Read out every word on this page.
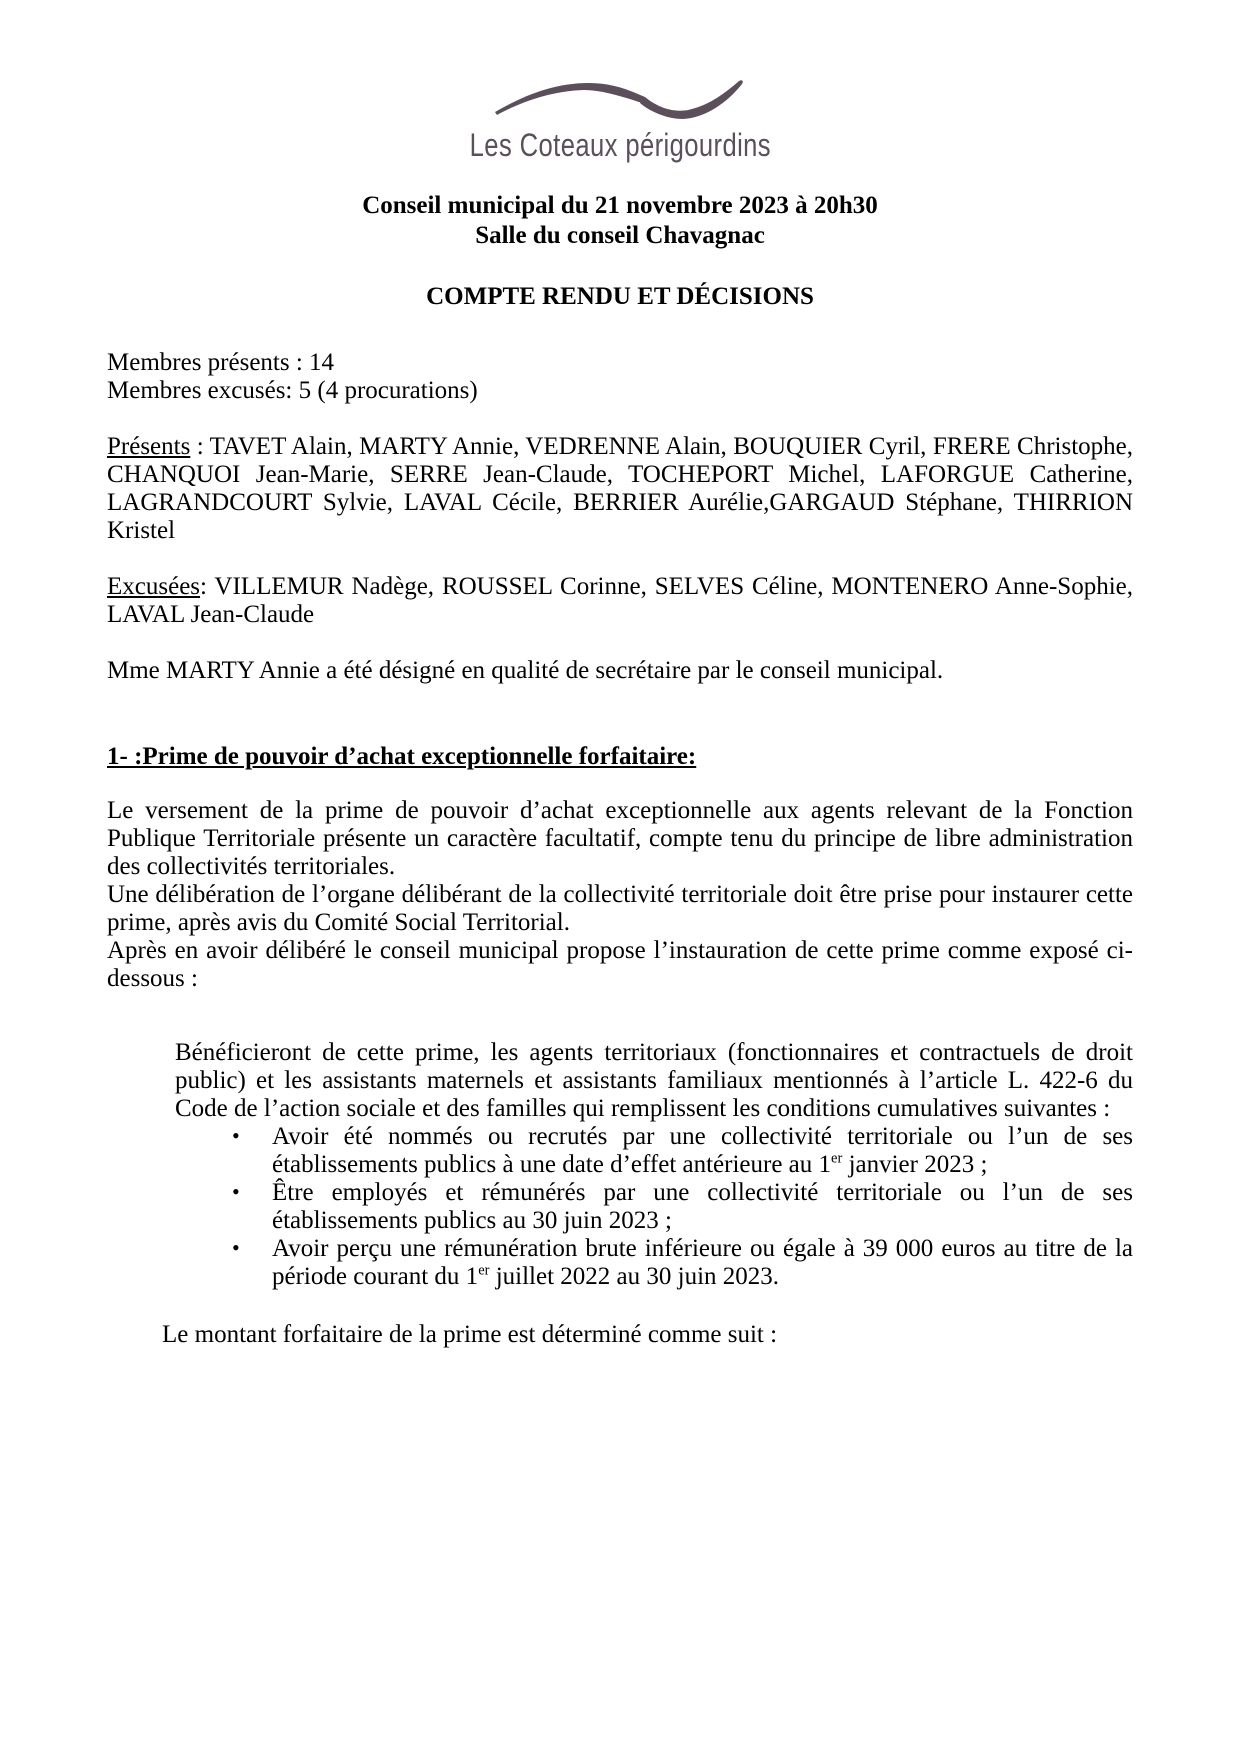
Les Coteaux périgourdins
Conseil municipal du 21 novembre 2023 à 20h30
Salle du conseil Chavagnac
COMPTE RENDU ET DÉCISIONS
Membres présents : 14
Membres excusés: 5 (4 procurations)

Présents : TAVET Alain, MARTY Annie, VEDRENNE Alain, BOUQUIER Cyril, FRERE Christophe, CHANQUOI Jean-Marie, SERRE Jean-Claude, TOCHEPORT Michel, LAFORGUE Catherine, LAGRANDCOURT Sylvie, LAVAL Cécile, BERRIER Aurélie,GARGAUD Stéphane, THIRRION Kristel

Excusées: VILLEMUR Nadège, ROUSSEL Corinne, SELVES Céline, MONTENERO Anne-Sophie, LAVAL Jean-Claude

Mme MARTY Annie a été désigné en qualité de secrétaire par le conseil municipal.

1- :Prime de pouvoir d’achat exceptionnelle forfaitaire:

Le versement de la prime de pouvoir d’achat exceptionnelle aux agents relevant de la Fonction Publique Territoriale présente un caractère facultatif, compte tenu du principe de libre administration des collectivités territoriales.

Une délibération de l’organe délibérant de la collectivité territoriale doit être prise pour instaurer cette prime, après avis du Comité Social Territorial.

Après en avoir délibéré le conseil municipal propose l’instauration de cette prime comme exposé ci-dessous :

Bénéficieront de cette prime, les agents territoriaux (fonctionnaires et contractuels de droit public) et les assistants maternels et assistants familiaux mentionnés à l’article L. 422-6 du Code de l’action sociale et des familles qui remplissent les conditions cumulatives suivantes :

• Avoir été nommés ou recrutés par une collectivité territoriale ou l’un de ses établissements publics à une date d’effet antérieure au 1er janvier 2023 ;
• Être employés et rémunérés par une collectivité territoriale ou l’un de ses établissements publics au 30 juin 2023 ;
• Avoir perçu une rémunération brute inférieure ou égale à 39 000 euros au titre de la période courant du 1er juillet 2022 au 30 juin 2023.

Le montant forfaitaire de la prime est déterminé comme suit :
